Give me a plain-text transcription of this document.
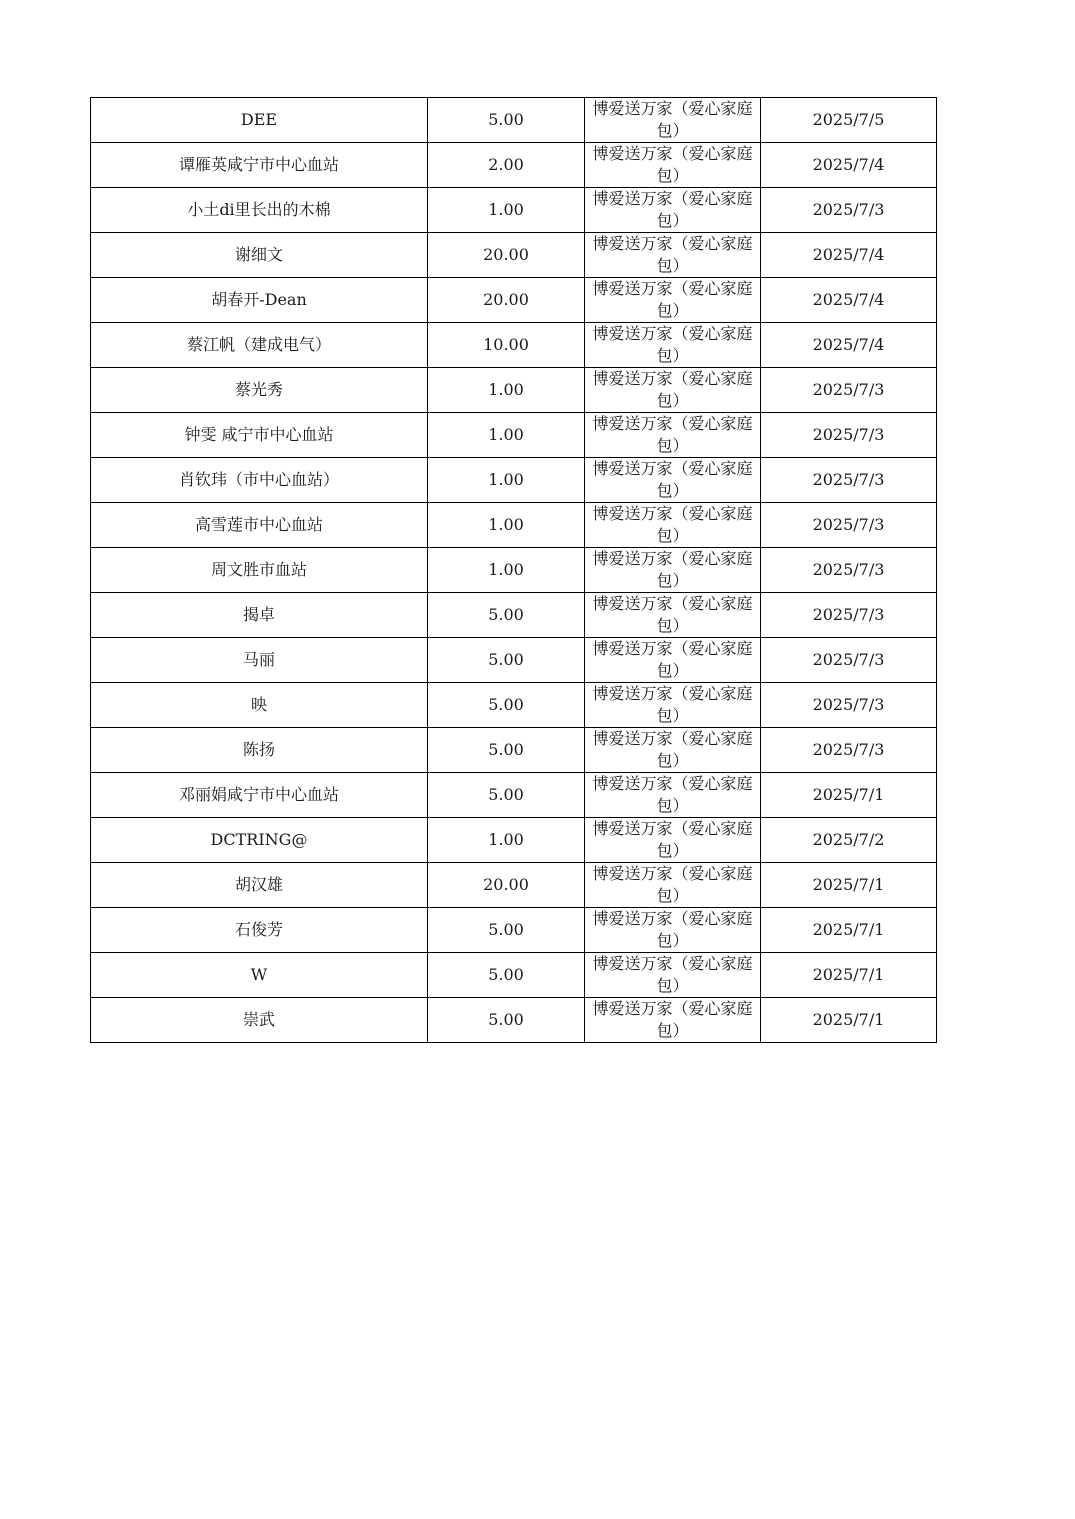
DEE	5.00	博爱送万家（爱心家庭包）	2025/7/5
谭雁英咸宁市中心血站	2.00	博爱送万家（爱心家庭包）	2025/7/4
小土di里长出的木棉	1.00	博爱送万家（爱心家庭包）	2025/7/3
谢细文	20.00	博爱送万家（爱心家庭包）	2025/7/4
胡春开-Dean	20.00	博爱送万家（爱心家庭包）	2025/7/4
蔡江帆（建成电气）	10.00	博爱送万家（爱心家庭包）	2025/7/4
蔡光秀	1.00	博爱送万家（爱心家庭包）	2025/7/3
钟雯 咸宁市中心血站	1.00	博爱送万家（爱心家庭包）	2025/7/3
肖钦玮（市中心血站）	1.00	博爱送万家（爱心家庭包）	2025/7/3
高雪莲市中心血站	1.00	博爱送万家（爱心家庭包）	2025/7/3
周文胜市血站	1.00	博爱送万家（爱心家庭包）	2025/7/3
揭卓	5.00	博爱送万家（爱心家庭包）	2025/7/3
马丽	5.00	博爱送万家（爱心家庭包）	2025/7/3
映	5.00	博爱送万家（爱心家庭包）	2025/7/3
陈扬	5.00	博爱送万家（爱心家庭包）	2025/7/3
邓丽娟咸宁市中心血站	5.00	博爱送万家（爱心家庭包）	2025/7/1
DCTRING@	1.00	博爱送万家（爱心家庭包）	2025/7/2
胡汉雄	20.00	博爱送万家（爱心家庭包）	2025/7/1
石俊芳	5.00	博爱送万家（爱心家庭包）	2025/7/1
W	5.00	博爱送万家（爱心家庭包）	2025/7/1
崇武	5.00	博爱送万家（爱心家庭包）	2025/7/1
